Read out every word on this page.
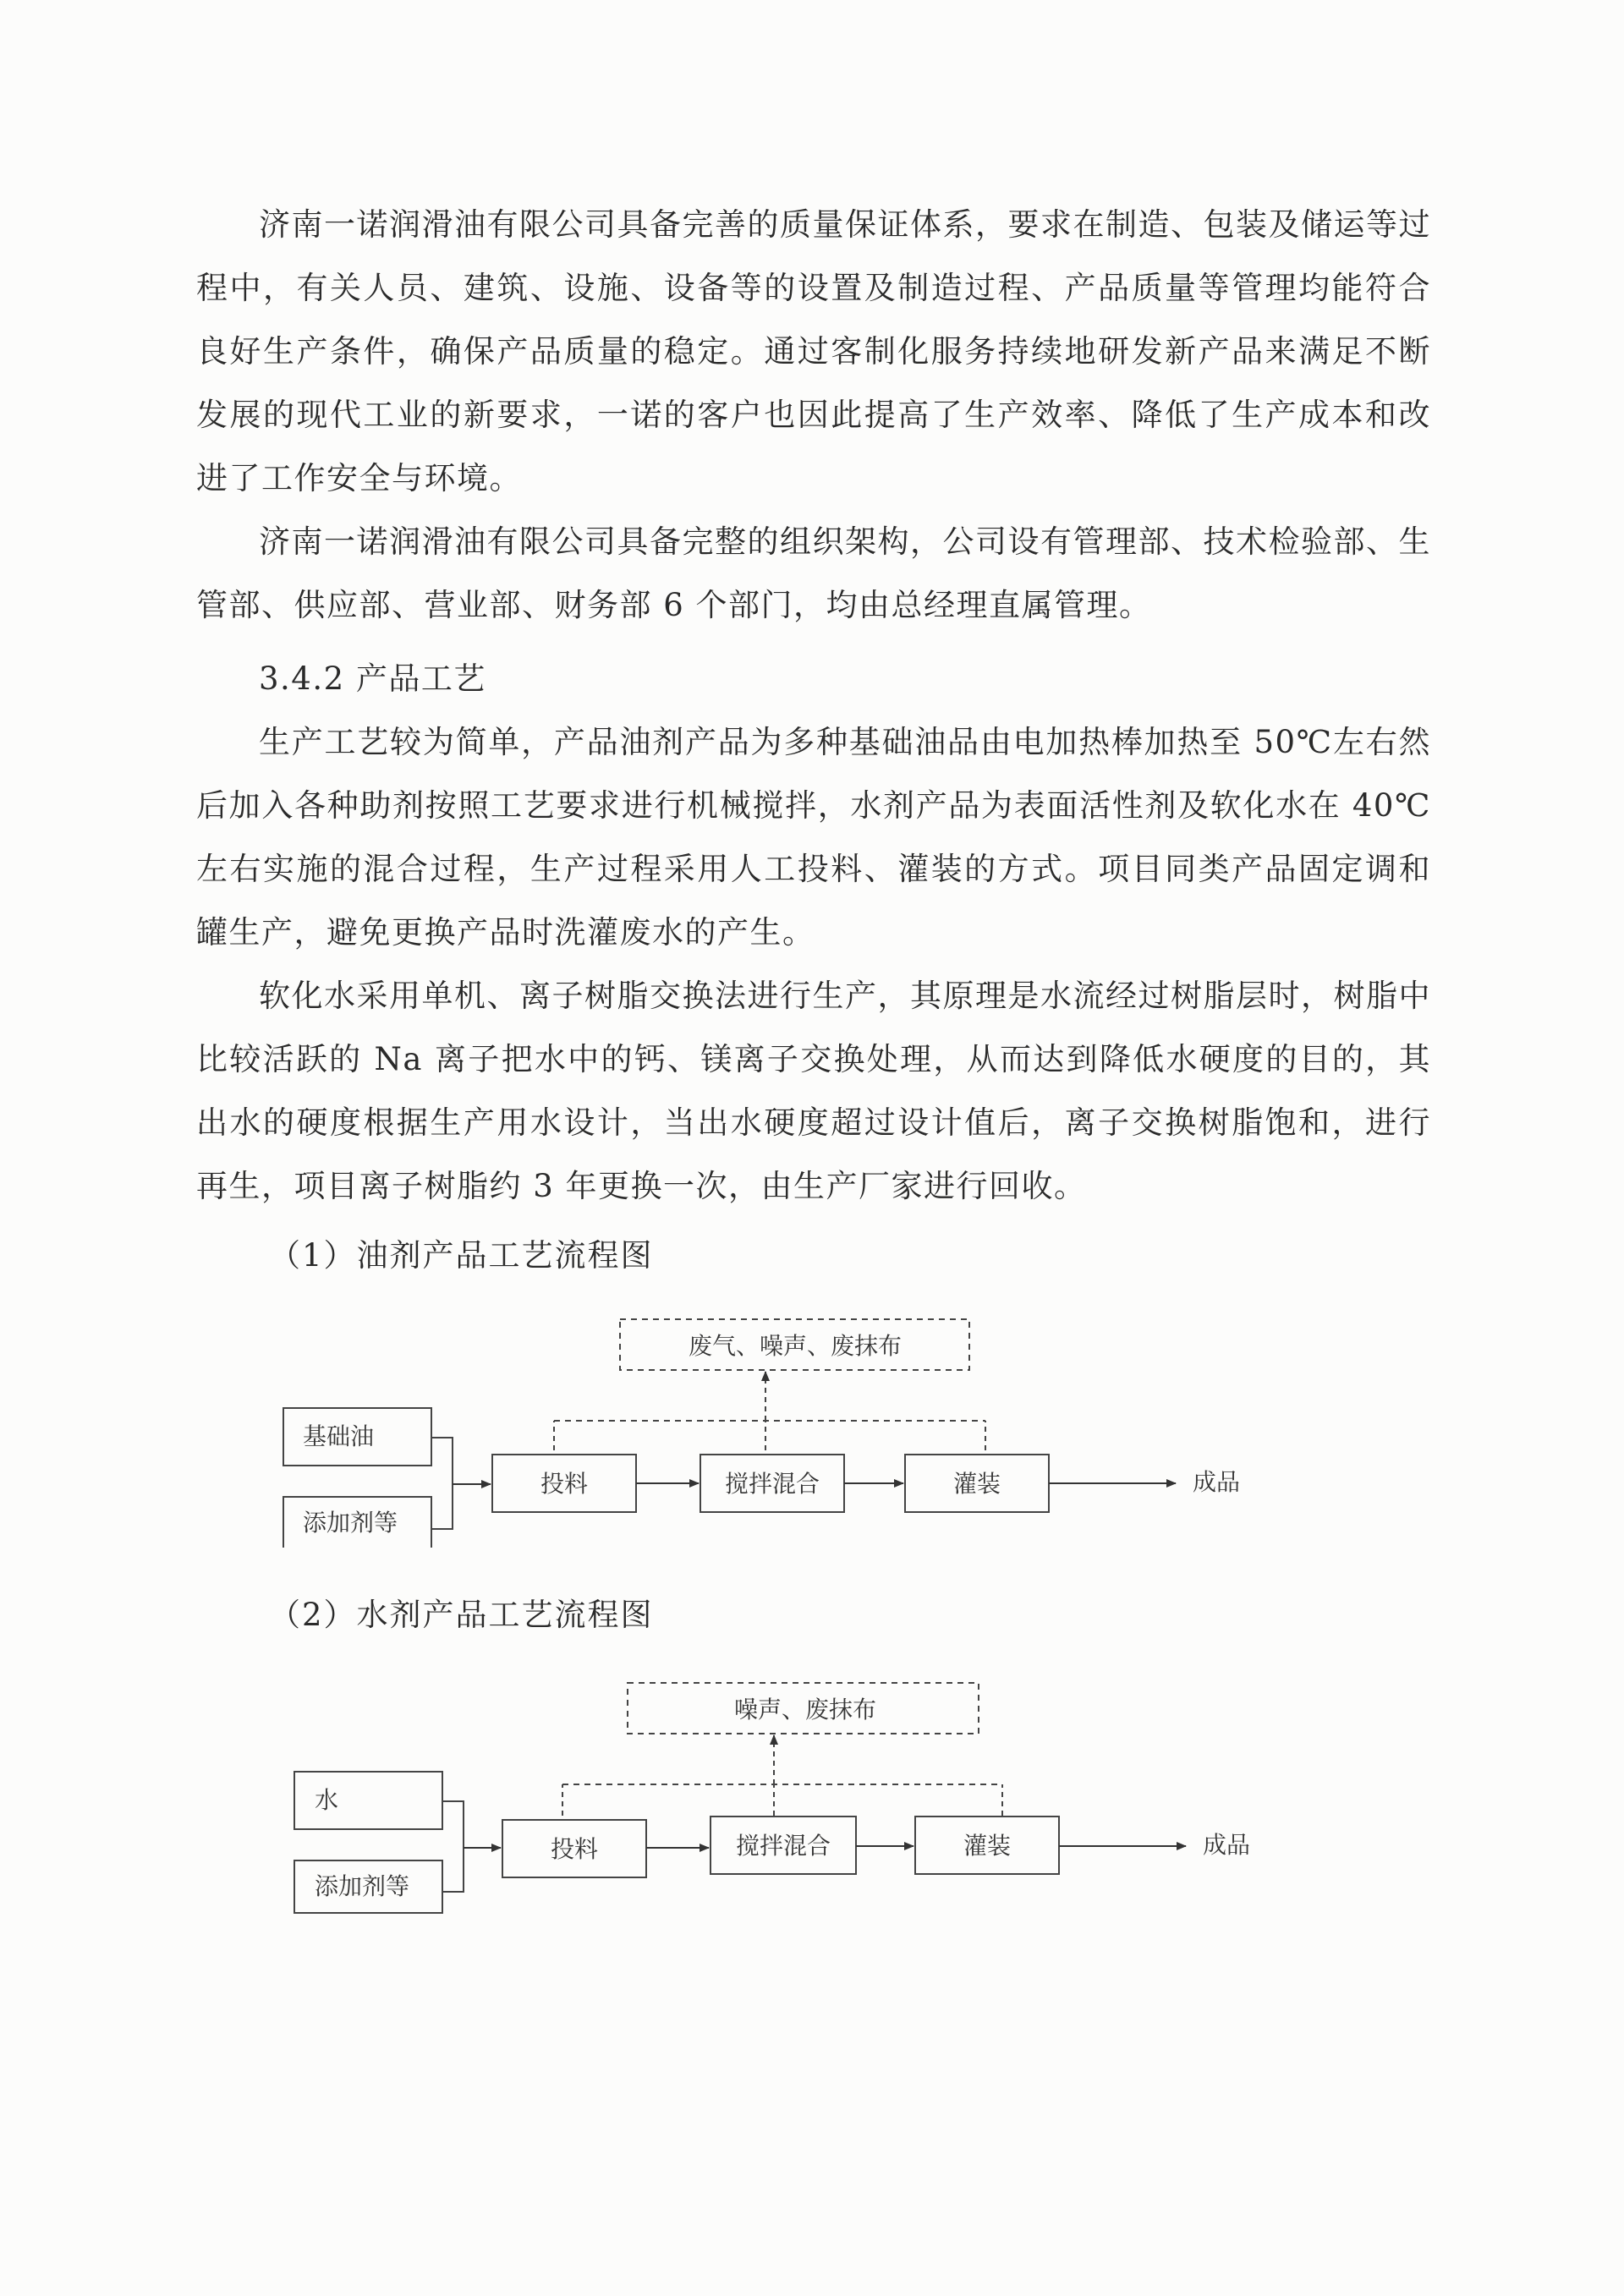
济南一诺润滑油有限公司具备完善的质量保证体系，要求在制造、包装及储运等过程中，有关人员、建筑、设施、设备等的设置及制造过程、产品质量等管理均能符合良好生产条件，确保产品质量的稳定。通过客制化服务持续地研发新产品来满足不断发展的现代工业的新要求，一诺的客户也因此提高了生产效率、降低了生产成本和改进了工作安全与环境。

济南一诺润滑油有限公司具备完整的组织架构，公司设有管理部、技术检验部、生管部、供应部、营业部、财务部 6 个部门，均由总经理直属管理。

3.4.2 产品工艺

生产工艺较为简单，产品油剂产品为多种基础油品由电加热棒加热至 50℃左右然后加入各种助剂按照工艺要求进行机械搅拌，水剂产品为表面活性剂及软化水在 40℃左右实施的混合过程，生产过程采用人工投料、灌装的方式。项目同类产品固定调和罐生产，避免更换产品时洗灌废水的产生。

软化水采用单机、离子树脂交换法进行生产，其原理是水流经过树脂层时，树脂中比较活跃的 Na 离子把水中的钙、镁离子交换处理，从而达到降低水硬度的目的，其出水的硬度根据生产用水设计，当出水硬度超过设计值后，离子交换树脂饱和，进行再生，项目离子树脂约 3 年更换一次，由生产厂家进行回收。

（1）油剂产品工艺流程图

废气、噪声、废抹布
基础油
添加剂等
投料	搅拌混合	灌装	成品

（2）水剂产品工艺流程图

噪声、废抹布
水
添加剂等
投料	搅拌混合	灌装	成品
